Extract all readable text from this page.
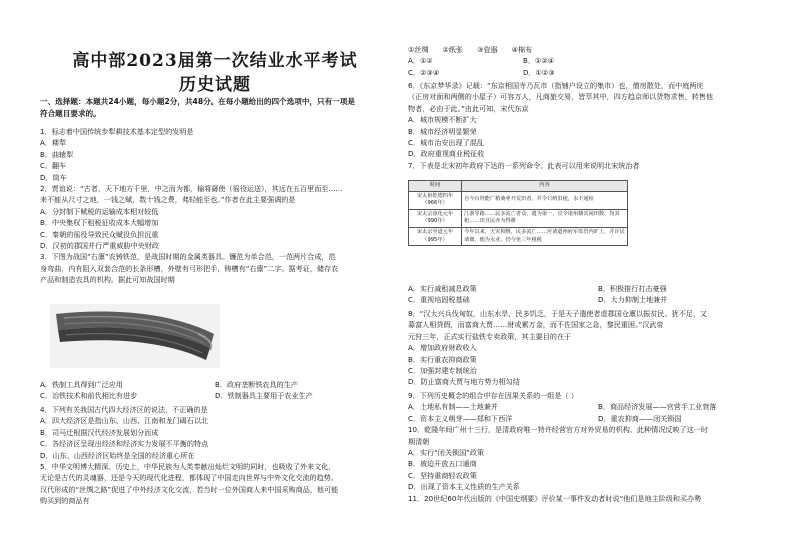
高中部2023届第一次结业水平考试
历史试题
一、选择题：本题共24小题，每小题2分，共48分。在每小题给出的四个选项中，只有一项是
符合题目要求的。
1．标志着中国传统步犁耕技术基本定型的发明是
A．耧犁
B．曲辕犁
C．翻车
D．筒车
2．贾谊说：“古者，天下地方千里，中之而为都，输将繇使（徭役运送），其远在五百里而至……
来不能从尺寸之地，一钱之赋，数十钱之费，弗轻能至也。”作者在此主要强调的是
A．分封制下赋税的运输成本相对较低
B．中央集权下租税征收成本大幅增加
C．秦朝的徭役导致民众赋役负担沉重
D．汉初的郡国并行严重威胁中央财政
3．下图为战国“右廪”农铸铁范，是战国时期的金属类器具。镰范为单合范，一范两片合成，范
身弯曲，内有阻入双套合范的长条形槽，外壁有弓形把手，铸槽有“右廪”二字。据考证，储存农
产品和制造农具的机构。据此可知战国时期
A．铁制工具得到广泛应用	B．政府垄断铁农具的生产
C．冶铁技术和前代相比有进步	D．铁制器具主要用于农业生产
4．下列有关我国古代四大经济区的说法，不正确的是
A．四大经济区是指山东、山西、江南和龙门碣石以北
B．司马迁根据汉代经济发展划分而成
C．各经济区呈现出经济和经济实力发展不平衡的特点
D．山东、山西经济区始终是全国的经济重心所在
5．中华文明博大精深。历史上，中华民族为人类奉献出灿烂文明的同时，也吸收了外来文化，
无论是古代的灵魂器，还是今天的现代化进程，都体现了中国走向世界与中外文化交流的趋势。
汉代形成的“丝绸之路”促进了中外经济文化交流，若当时一位外国商人来中国采购商品，他可能
购买到的商品有
①丝绸 ②纸张 ③瓷器 ④棉布
A．①②	B．①②④
C．②③④	D．①②③
6．《东京梦华录》记载：“东京相国寺乃瓦市（指铺户设立的集市）也，僧房散处，而中庭两庑
（正房对面和两侧的小屋子）可容万人，凡商旅交易，皆萃其中，四方趋京师以货物求售、转售他
物者，必由于此。”由此可知，宋代东京
A．城市规模不断扩大
B．城市经济明显繁荣
C．城市治安出现了混乱
D．政府重视商业税征收
7．下表是北宋初年政府下达的一系列命令。此表可以用来说明北宋统治者
时间	内容
宋太祖乾德四年（966年）	自今百姓能广植桑枣开荒田者，并令只纳旧租，永不通检
宋太宗淳化元年（990年）	江浙等路……民多流亡者众，遣为第一，宜令诸州籍其闲田数，均其租……田且民亦为得耕
宋太宗至道元年（995年）	今年以来，天灾相继，民多流亡……应诸道州府军监管内旷土，并许民请佃，便为永业，仍与免三年租税
A．实行减租减息政策	B．积极推行打击豪强
C．重视培固税基础	D．大力抑制土地兼并
8．“汉大兴兵伐匈奴，山东水旱，民多饥乏，于是天子遣使者虚郡国仓廪以振贫民。犹不足，又
募富人相贷假，而富商大贾……财或累万金，而不佐国家之急，黎民重困。”汉武帝
元狩三年，正式实行盐铁专卖政策，其主要目的在于
A．增加政府财政收入
B．实行重农抑商政策
C．加强封建专制统治
D．防止富商大贾与地方势力相勾结
9．下列历史概念的组合中存在因果关系的一组是（ ）
A．土地私有制——土地兼并	B．商品经济发展——官营手工业衰落
C．资本主义萌芽——郑和下西洋	D．重农抑商——闭关锁国
10．乾隆年间广州十三行，是清政府唯一特许经营官方对外贸易的机构。此种情况反映了这一时
期清朝
A．实行“闭关锁国”政策
B．被迫开放五口通商
C．坚持重商轻农政策
D．出现了资本主义性质的生产关系
11．20世纪60年代出版的《中国史纲要》评价某一事件发动者时说“他们是地主阶级和买办勢
